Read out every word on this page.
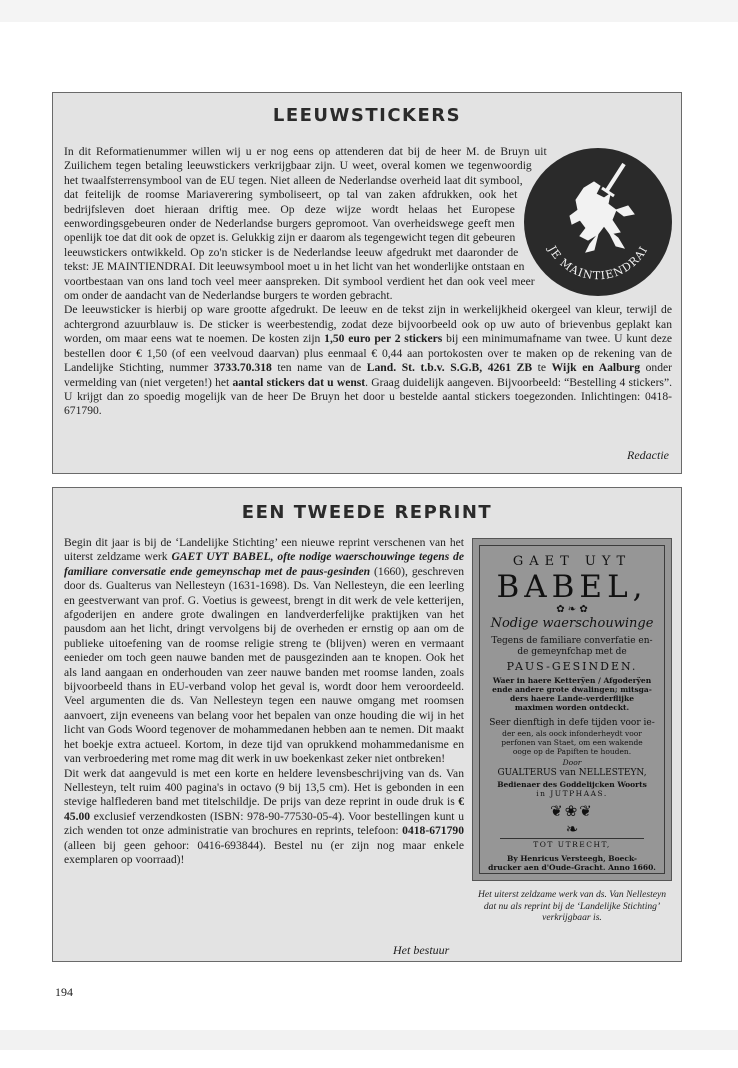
LEEUWSTICKERS
JE MAINTIENDRAI

In dit Reformatienummer willen wij u er nog eens op attenderen dat bij de heer M. de Bruyn uit Zuilichem tegen betaling leeuwstickers verkrijgbaar zijn. U weet, overal komen we tegenwoordig het twaalfsterrensymbool van de EU tegen. Niet alleen de Nederlandse overheid laat dit symbool, dat feitelijk de roomse Mariaverering symboliseert, op tal van zaken afdrukken, ook het bedrijfsleven doet hieraan driftig mee. Op deze wijze wordt helaas het Europese eenwordingsgebeuren onder de Nederlandse burgers gepromoot. Van overheidswege geeft men openlijk toe dat dit ook de opzet is. Gelukkig zijn er daarom als tegengewicht tegen dit gebeuren leeuwstickers ontwikkeld. Op zo'n sticker is de Nederlandse leeuw afgedrukt met daaronder de tekst: JE MAINTIENDRAI. Dit leeuwsymbool moet u in het licht van het wonderlijke ontstaan en voortbestaan van ons land toch veel meer aanspreken. Dit symbool verdient het dan ook veel meer om onder de aandacht van de Nederlandse burgers te worden gebracht.

De leeuwsticker is hierbij op ware grootte afgedrukt. De leeuw en de tekst zijn in werkelijkheid okergeel van kleur, terwijl de achtergrond azuurblauw is. De sticker is weerbestendig, zodat deze bijvoorbeeld ook op uw auto of brievenbus geplakt kan worden, om maar eens wat te noemen. De kosten zijn 1,50 euro per 2 stickers bij een minimumafname van twee. U kunt deze bestellen door € 1,50 (of een veelvoud daarvan) plus eenmaal € 0,44 aan portokosten over te maken op de rekening van de Landelijke Stichting, nummer 3733.70.318 ten name van de Land. St. t.b.v. S.G.B, 4261 ZB te Wijk en Aalburg onder vermelding van (niet vergeten!) het aantal stickers dat u wenst. Graag duidelijk aangeven. Bijvoorbeeld: “Bestelling 4 stickers”. U krijgt dan zo spoedig mogelijk van de heer De Bruyn het door u bestelde aantal stickers toegezonden. Inlichtingen: 0418-671790.

Redactie
EEN TWEEDE REPRINT

Begin dit jaar is bij de ‘Landelijke Stichting’ een nieuwe reprint verschenen van het uiterst zeldzame werk GAET UYT BABEL, ofte nodige waerschouwinge tegens de familiare conversatie ende gemeynschap met de paus-gesinden (1660), geschreven door ds. Gualterus van Nellesteyn (1631-1698). Ds. Van Nellesteyn, die een leerling en geestverwant van prof. G. Voetius is geweest, brengt in dit werk de vele ketterijen, afgoderijen en andere grote dwalingen en landverderfelijke praktijken van het pausdom aan het licht, dringt vervolgens bij de overheden er ernstig op aan om de publieke uitoefening van de roomse religie streng te (blijven) weren en vermaant eenieder om toch geen nauwe banden met de pausgezinden aan te knopen. Ook het als land aangaan en onderhouden van zeer nauwe banden met roomse landen, zoals bijvoorbeeld thans in EU-verband volop het geval is, wordt door hem veroordeeld. Veel argumenten die ds. Van Nellesteyn tegen een nauwe omgang met roomsen aanvoert, zijn eveneens van belang voor het bepalen van onze houding die wij in het licht van Gods Woord tegenover de mohammedanen hebben aan te nemen. Dit maakt het boekje extra actueel. Kortom, in deze tijd van oprukkend mohammedanisme en van verbroedering met rome mag dit werk in uw boekenkast zeker niet ontbreken!

Dit werk dat aangevuld is met een korte en heldere levensbeschrijving van ds. Van Nellesteyn, telt ruim 400 pagina's in octavo (9 bij 13,5 cm). Het is gebonden in een stevige halflederen band met titelschildje. De prijs van deze reprint in oude druk is € 45.00 exclusief verzendkosten (ISBN: 978-90-77530-05-4). Voor bestellingen kunt u zich wenden tot onze administratie van brochures en reprints, telefoon: 0418-671790 (alleen bij geen gehoor: 0416-693844). Bestel nu (er zijn nog maar enkele exemplaren op voorraad)!

Het bestuur
GAET UYT
BABEL,
✿ ❧ ✿
Nodige waerschouwinge
Tegens de familiare converfatie en-
de gemeynfchap met de
PAUS-GESINDEN.
Waer in haere Ketterÿen / Afgoderÿen
ende andere grote dwalingen; mitsga-
ders haere Lande-verderflijke
maximen worden ontdeckt.
Seer dienftigh in defe tijden voor ie-
der een, als oock infonderheydt voor
perfonen van Staet, om een wakende
ooge op de Papiften te houden.
Door
GUALTERUS van NELLESTEYN,
Bedienaer des Goddelijcken Woorts
in JUTPHAAS.
❦❀❦
❧
TOT UTRECHT,
By Henricus Versteegh, Boeck-
drucker aen d'Oude-Gracht. Anno 1660.
Het uiterst zeldzame werk van ds. Van Nellesteyn dat nu als reprint bij de ‘Landelijke Stichting’ verkrijgbaar is.
194
